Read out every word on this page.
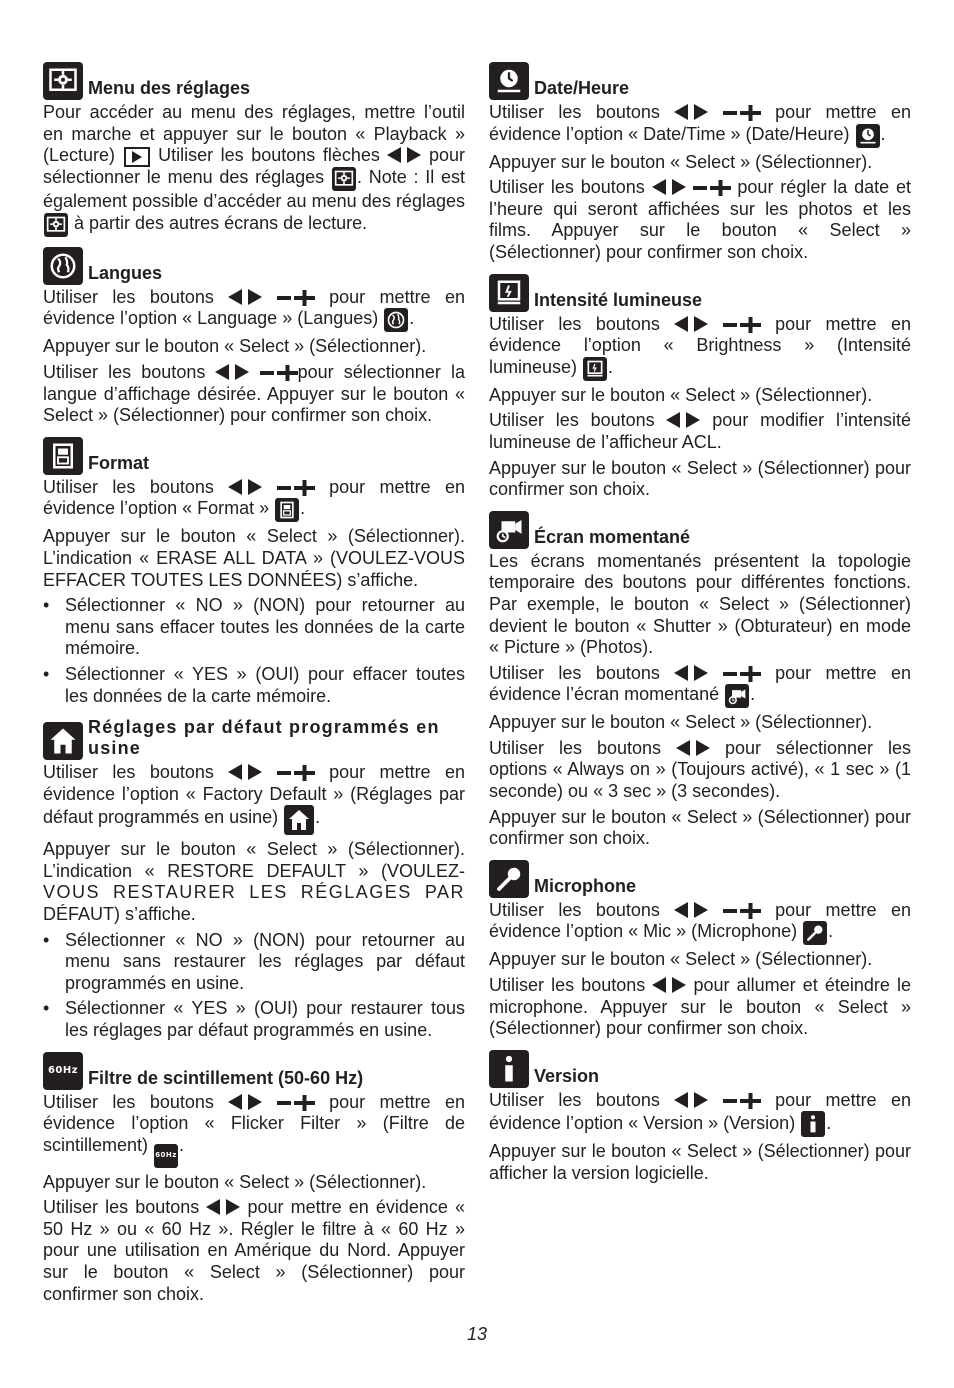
Menu des réglages

Pour accéder au menu des réglages, mettre l’outil en marche et appuyer sur le bouton « Playback » (Lecture)
Utiliser les boutons flèches  pour sélectionner le menu des réglages
. Note : Il est également possible d’accéder au menu des réglages
à partir des autres écrans de lecture.

Langues

Utiliser les boutons	pour mettre en évidence l’option « Language » (Langues)
.

Appuyer sur le bouton « Select » (Sélectionner).

Utiliser les boutons	pour sélectionner la langue d’affichage désirée. Appuyer sur le bouton « Select » (Sélectionner) pour confirmer son choix.

Format

Utiliser les boutons	pour mettre en évidence l’option « Format »
.

Appuyer sur le bouton « Select » (Sélectionner). L’indication « ERASE ALL DATA » (VOULEZ-VOUS EFFACER TOUTES LES DONNÉES) s’affiche.

• Sélectionner « NO » (NON) pour retourner au menu sans effacer toutes les données de la carte mémoire.
• Sélectionner « YES » (OUI) pour effacer toutes les données de la carte mémoire.
Réglages par défaut programmés en usine

Utiliser les boutons	pour mettre en évidence l’option « Factory Default » (Réglages par défaut programmés en usine)
.

Appuyer sur le bouton « Select » (Sélectionner). L’indication « RESTORE DEFAULT » (VOULEZ-VOUS RESTAURER LES RÉGLAGES PAR DÉFAUT) s’affiche.

• Sélectionner « NO » (NON) pour retourner au menu sans restaurer les réglages par défaut programmés en usine.
• Sélectionner « YES » (OUI) pour restaurer tous les réglages par défaut programmés en usine.
60Hz Filtre de scintillement (50-60 Hz)

Utiliser les boutons	pour mettre en évidence l’option « Flicker Filter » (Filtre de scintillement) 60Hz .

Appuyer sur le bouton « Select » (Sélectionner).

Utiliser les boutons  pour mettre en évidence « 50 Hz » ou « 60 Hz ». Régler le filtre à « 60 Hz » pour une utilisation en Amérique du Nord. Appuyer sur le bouton « Select » (Sélectionner) pour confirmer son choix.

Date/Heure

Utiliser les boutons	pour mettre en évidence l’option « Date/Time » (Date/Heure)
.

Appuyer sur le bouton « Select » (Sélectionner).

Utiliser les boutons	pour régler la date et l’heure qui seront affichées sur les photos et les films. Appuyer sur le bouton « Select » (Sélectionner) pour confirmer son choix.

Intensité lumineuse

Utiliser les boutons	pour mettre en évidence l’option « Brightness » (Intensité lumineuse)
.

Appuyer sur le bouton « Select » (Sélectionner).

Utiliser les boutons  pour modifier l’intensité lumineuse de l’afficheur ACL.

Appuyer sur le bouton « Select » (Sélectionner) pour confirmer son choix.

Écran momentané

Les écrans momentanés présentent la topologie temporaire des boutons pour différentes fonctions. Par exemple, le bouton « Select » (Sélectionner) devient le bouton « Shutter » (Obturateur) en mode « Picture » (Photos).

Utiliser les boutons	pour mettre en évidence l’écran momentané
.

Appuyer sur le bouton « Select » (Sélectionner).

Utiliser les boutons  pour sélectionner les options « Always on » (Toujours activé), « 1 sec » (1 seconde) ou « 3 sec » (3 secondes).

Appuyer sur le bouton « Select » (Sélectionner) pour confirmer son choix.

Microphone

Utiliser les boutons	pour mettre en évidence l’option « Mic » (Microphone)
.

Appuyer sur le bouton « Select » (Sélectionner).

Utiliser les boutons  pour allumer et éteindre le microphone. Appuyer sur le bouton « Select » (Sélectionner) pour confirmer son choix.

Version

Utiliser les boutons	pour mettre en évidence l’option « Version » (Version)
.

Appuyer sur le bouton « Select » (Sélectionner) pour afficher la version logicielle.

13
